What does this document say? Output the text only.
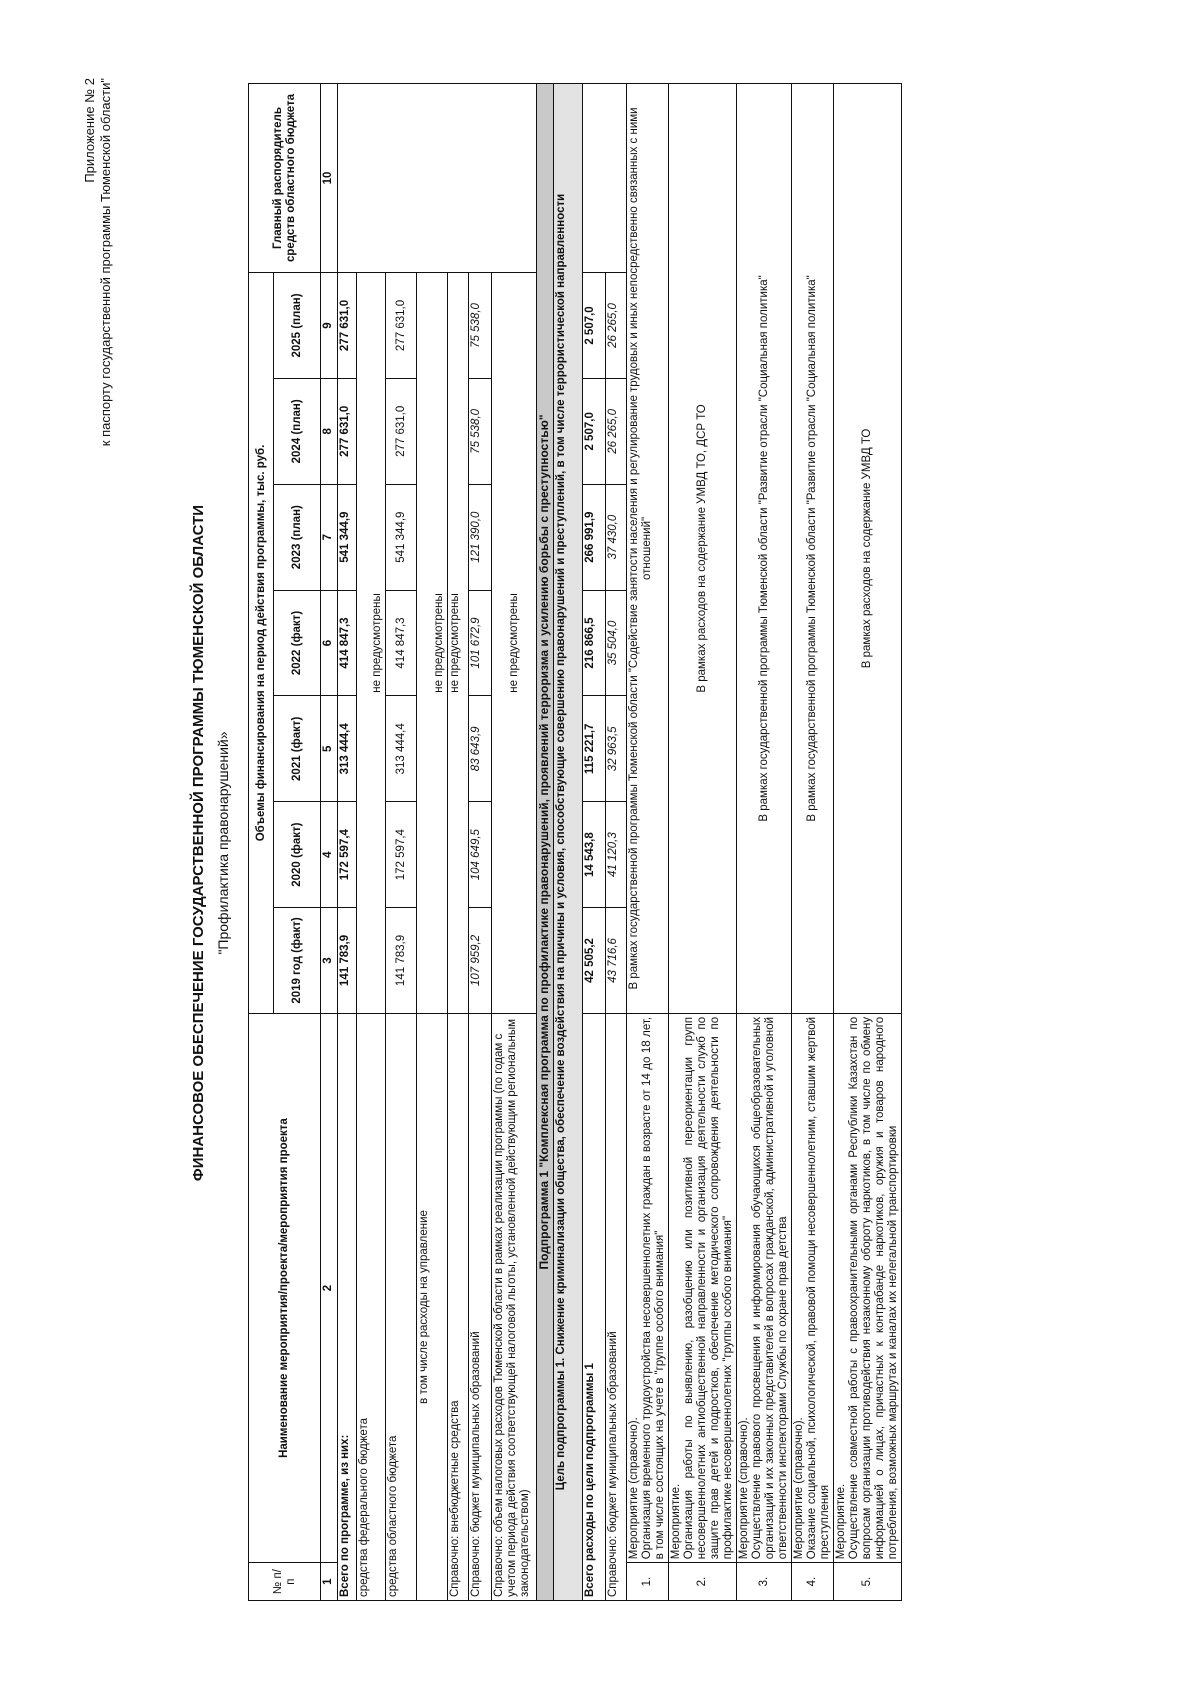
Приложение № 2 к паспорту государственной программы Тюменской области"
ФИНАНСОВОЕ ОБЕСПЕЧЕНИЕ ГОСУДАРСТВЕННОЙ ПРОГРАММЫ ТЮМЕНСКОЙ ОБЛАСТИ "Профилактика правонарушений»
№ п/п	Наименование мероприятия/проекта/мероприятия проекта	Объемы финансирования на период действия программы, тыс. руб.							Главный распорядитель средств областного бюджета
		2019 год (факт)	2020 (факт)	2021 (факт)	2022 (факт)	2023 (план)	2024 (план)	2025 (план)	
1	2	3	4	5	6	7	8	9	10
Всего по программе, из них:		141 783,9	172 597,4	313 444,4	414 847,3	541 344,9	277 631,0	277 631,0	
средства федерального бюджета		не предусмотрены							
средства областного бюджета		141 783,9	172 597,4	313 444,4	414 847,3	541 344,9	277 631,0	277 631,0	
в том числе расходы на управление		не предусмотрены							
Справочно: внебюджетные средства		не предусмотрены							
Справочно: бюджет муниципальных образований		107 959,2	104 649,5	83 643,9	101 672,9	121 390,0	75 538,0	75 538,0	
Справочно: объем налоговых расходов Тюменской области в рамках реализации программы (по годам с учетом периода действия соответствующей налоговой льготы, установленной действующим региональным законодательством)		не предусмотрены							
Подпрограмма 1 "Комплексная программа по профилактике правонарушений, проявлений терроризма и усилению борьбы с преступностью"									
Цель подпрограммы 1. Снижение криминализации общества, обеспечение воздействия на причины и условия, способствующие совершению правонарушений и преступлений, в том числе террористической направленности									
Всего расходы по цели подпрограммы 1		42 505,2	14 543,8	115 221,7	216 866,5	266 991,9	2 507,0	2 507,0	
Справочно: бюджет муниципальных образований		43 716,6	41 120,3	32 963,5	35 504,0	37 430,0	26 265,0	26 265,0	
1.	Мероприятие (справочно). Организация временного трудоустройства несовершеннолетних граждан в возрасте от 14 до 18 лет, в том числе состоящих на учете в "группе особого внимания"	В рамках государственной программы Тюменской области "Содействие занятости населения и регулирование трудовых и иных непосредственно связанных с ними отношений"							
2.	Мероприятие. Организация работы по выявлению, разобщению или позитивной переориентации групп несовершеннолетних антиобщественной направленности и организация деятельности служб по защите прав детей и подростков, обеспечение методического сопровождения деятельности по профилактике несовершеннолетних "группы особого внимания"	В рамках расходов на содержание УМВД ТО, ДСР ТО							
3.	Мероприятие (справочно). Осуществление правового просвещения и информирования обучающихся общеобразовательных организаций и их законных представителей в вопросах гражданской, административной и уголовной ответственности инспекторами Службы по охране прав детства	В рамках государственной программы Тюменской области "Развитие отрасли "Социальная политика"							
4.	Мероприятие (справочно). Оказание социальной, психологической, правовой помощи несовершеннолетним, ставшим жертвой преступления	В рамках государственной программы Тюменской области "Развитие отрасли "Социальная политика"							
5.	Мероприятие. Осуществление совместной работы с правоохранительными органами Республики Казахстан по вопросам организации противодействия незаконному обороту наркотиков, в том числе по обмену информацией о лицах, причастных к контрабанде наркотиков, оружия и товаров народного потребления, возможных маршрутах и каналах их нелегальной транспортировки	В рамках расходов на содержание УМВД ТО							
